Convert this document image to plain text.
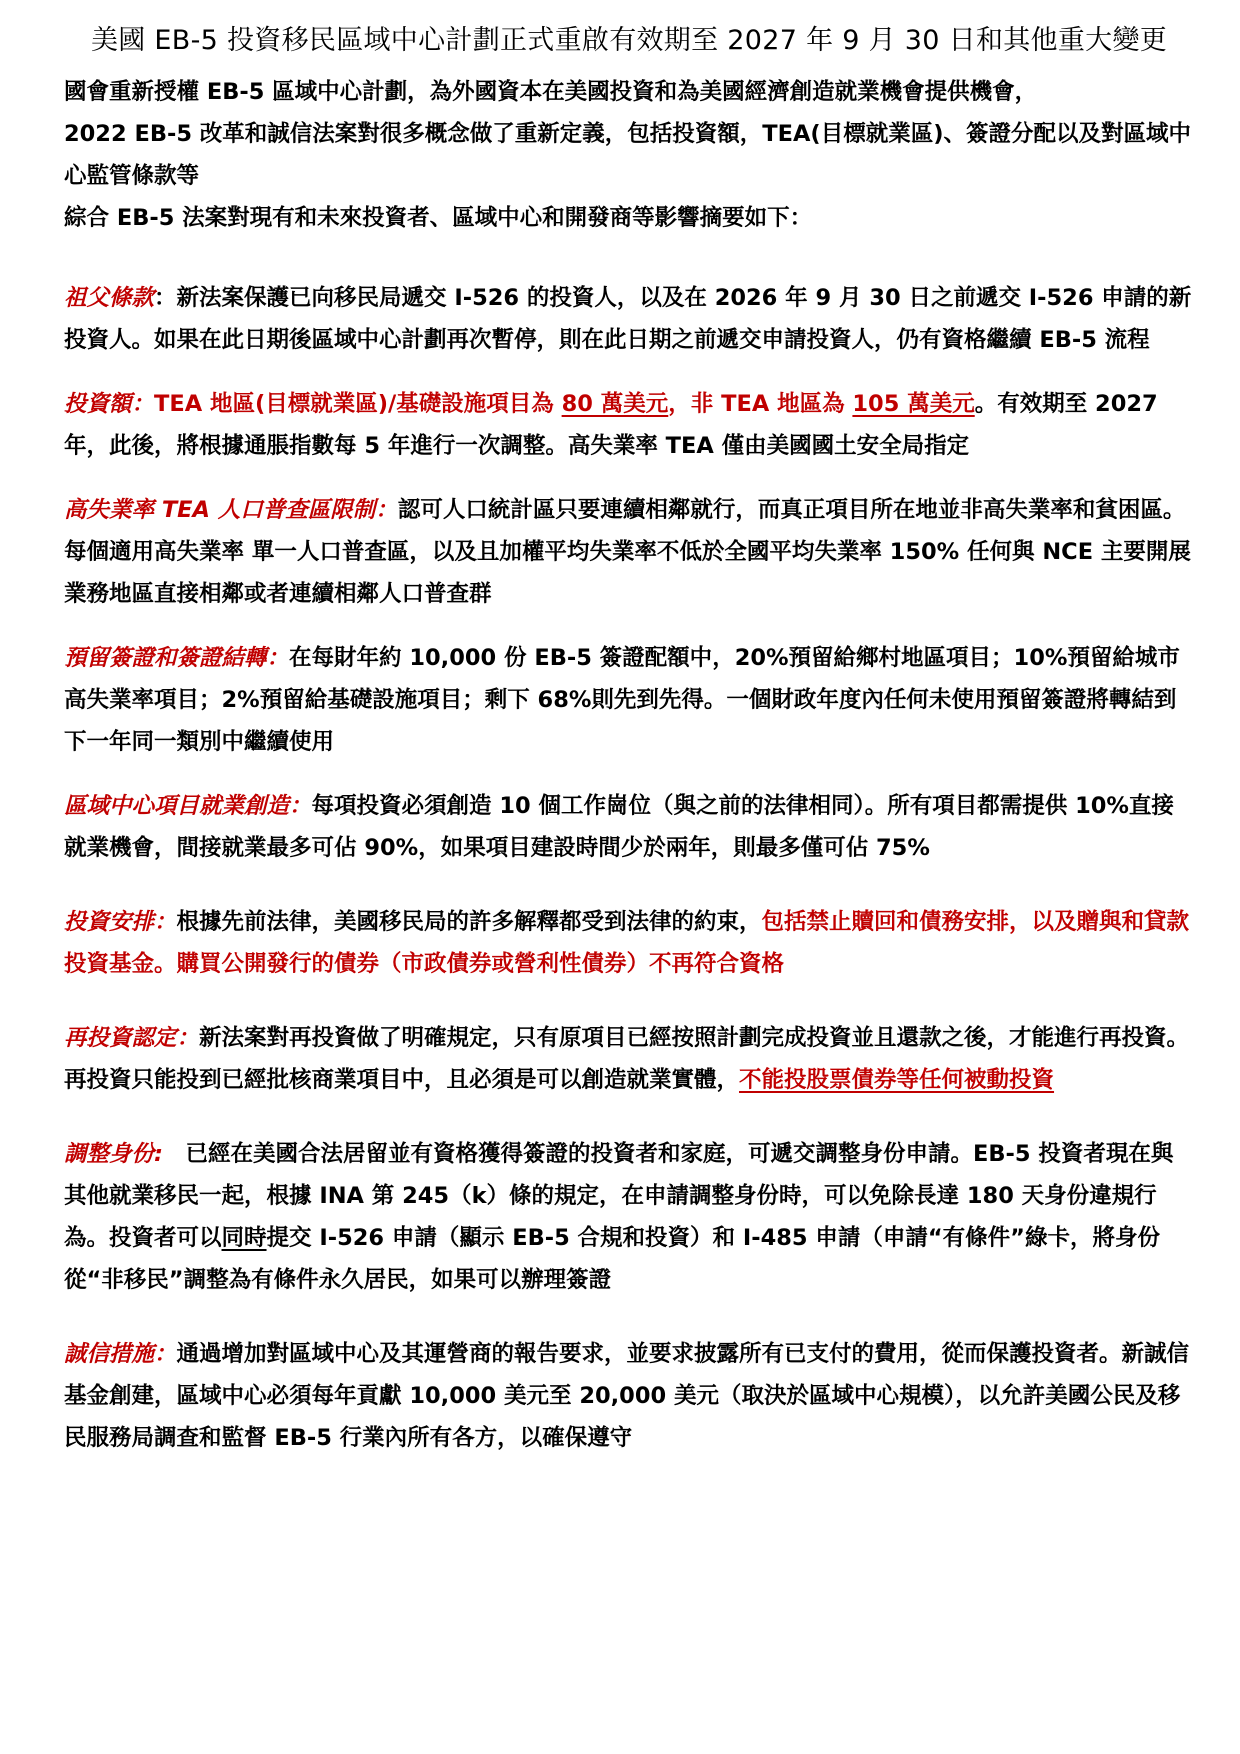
美國 EB-5 投資移民區域中心計劃正式重啟有效期至 2027 年 9 月 30 日和其他重大變更

國會重新授權 EB-5 區域中心計劃，為外國資本在美國投資和為美國經濟創造就業機會提供機會，

2022 EB-5 改革和誠信法案對很多概念做了重新定義，包括投資額，TEA(目標就業區)、簽證分配以及對區域中心監管條款等

綜合 EB-5 法案對現有和未來投資者、區域中心和開發商等影響摘要如下：

祖父條款：新法案保護已向移民局遞交 I-526 的投資人，以及在 2026 年 9 月 30 日之前遞交 I-526 申請的新投資人。如果在此日期後區域中心計劃再次暫停，則在此日期之前遞交申請投資人，仍有資格繼續 EB-5 流程

投資額：TEA 地區(目標就業區)/基礎設施項目為 80 萬美元，非 TEA 地區為 105 萬美元。有效期至 2027 年，此後，將根據通脹指數每 5 年進行一次調整。高失業率 TEA 僅由美國國土安全局指定

高失業率 TEA 人口普查區限制：認可人口統計區只要連續相鄰就行，而真正項目所在地並非高失業率和貧困區。每個適用高失業率 單一人口普查區，以及且加權平均失業率不低於全國平均失業率 150% 任何與 NCE 主要開展業務地區直接相鄰或者連續相鄰人口普查群

預留簽證和簽證結轉：在每財年約 10,000 份 EB-5 簽證配額中，20%預留給鄉村地區項目；10%預留給城市高失業率項目；2%預留給基礎設施項目；剩下 68%則先到先得。一個財政年度內任何未使用預留簽證將轉結到下一年同一類別中繼續使用

區域中心項目就業創造：每項投資必須創造 10 個工作崗位（與之前的法律相同）。所有項目都需提供 10%直接就業機會，間接就業最多可佔 90%，如果項目建設時間少於兩年，則最多僅可佔 75%

投資安排：根據先前法律，美國移民局的許多解釋都受到法律的約束，包括禁止贖回和債務安排，以及贈與和貸款投資基金。購買公開發行的債券（市政債券或營利性債券）不再符合資格

再投資認定：新法案對再投資做了明確規定，只有原項目已經按照計劃完成投資並且還款之後，才能進行再投資。再投資只能投到已經批核商業項目中，且必須是可以創造就業實體，不能投股票債券等任何被動投資

調整身份:　已經在美國合法居留並有資格獲得簽證的投資者和家庭，可遞交調整身份申請。EB-5 投資者現在與其他就業移民一起，根據 INA 第 245（k）條的規定，在申請調整身份時，可以免除長達 180 天身份違規行為。投資者可以同時提交 I-526 申請（顯示 EB-5 合規和投資）和 I-485 申請（申請“有條件”綠卡，將身份從“非移民”調整為有條件永久居民，如果可以辦理簽證

誠信措施：通過增加對區域中心及其運營商的報告要求，並要求披露所有已支付的費用，從而保護投資者。新誠信基金創建，區域中心必須每年貢獻 10,000 美元至 20,000 美元（取決於區域中心規模），以允許美國公民及移民服務局調查和監督 EB-5 行業內所有各方，以確保遵守
